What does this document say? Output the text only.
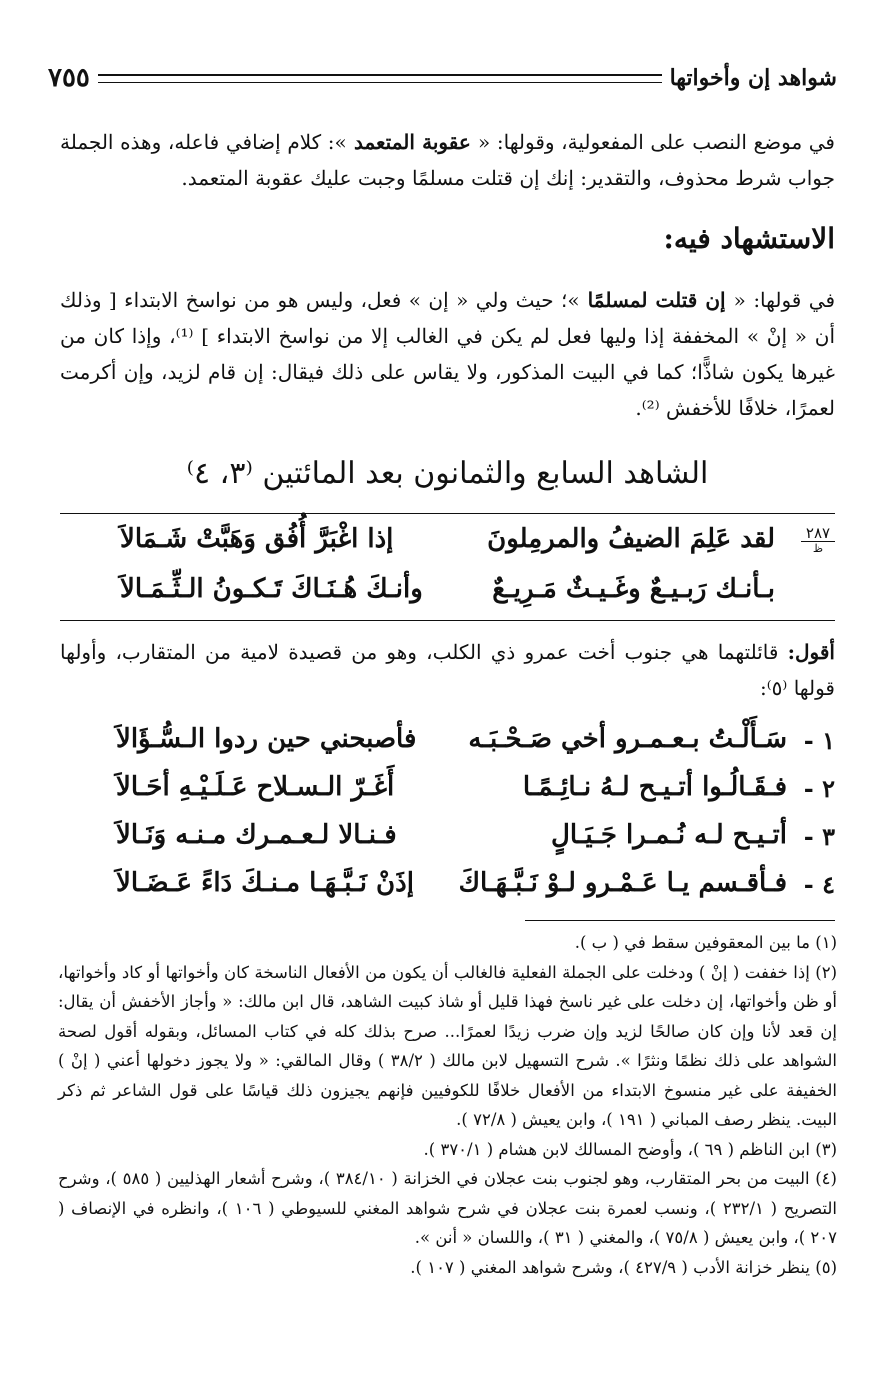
شواهد إن وأخواتها
٧٥٥
في موضع النصب على المفعولية، وقولها: « عقوبة المتعمد »: كلام إضافي فاعله، وهذه الجملة جواب شرط محذوف، والتقدير: إنك إن قتلت مسلمًا وجبت عليك عقوبة المتعمد.
الاستشهاد فيه:
في قولها: « إن قتلت لمسلمًا »؛ حيث ولي « إن » فعل، وليس هو من نواسخ الابتداء [ وذلك أن « إنْ » المخففة إذا وليها فعل لم يكن في الغالب إلا من نواسخ الابتداء ] ⁽¹⁾، وإذا كان من غيرها يكون شاذًّا؛ كما في البيت المذكور، ولا يقاس على ذلك فيقال: إن قام لزيد، وإن أكرمت لعمرًا، خلافًا للأخفش ⁽²⁾.
الشاهد السابع والثمانون بعد المائتين ⁽٣، ٤⁾
٢٨٧
ظ
لقد عَلِمَ الضيفُ والمرمِلونَ
إذا اغْبَرَّ أُفُق وَهَبَّتْ شَـمَالاَ
بـأنـك رَبـيـعٌ وغَـيـثٌ مَـرِيـعٌ
وأنـكَ هُـنَـاكَ تَـكـونُ الـثِّـمَـالاَ
أقول: قائلتهما هي جنوب أخت عمرو ذي الكلب، وهو من قصيدة لامية من المتقارب، وأولها قولها ⁽٥⁾:
١ -
سَـأَلْـتُ بـعـمـرو أخي صَـحْـبَـه
فأصبحني حين ردوا الـسُّـؤَالاَ
٢ -
فـقَـالُـوا أتـيـح لـهُ نـائِـمًـا
أَغَـرّ الـسـلاح عَـلَـيْـهِ أحَـالاَ
٣ -
أتـيـح لـه نُـمـرا جَـيَـالٍ
فـنـالا لـعـمـرك مـنـه وَنَـالاَ
٤ -
فـأقـسم يـا عَـمْـرو لـوْ نَـبَّـهَـاكَ
إذَنْ نَـبَّـهَـا مـنـكَ دَاءً عَـضَـالاَ

(١) ما بين المعقوفين سقط في ( ب ).

(٢) إذا خففت ( إنْ ) ودخلت على الجملة الفعلية فالغالب أن يكون من الأفعال الناسخة كان وأخواتها أو كاد وأخواتها، أو ظن وأخواتها، إن دخلت على غير ناسخ فهذا قليل أو شاذ كبيت الشاهد، قال ابن مالك: « وأجاز الأخفش أن يقال: إن قعد لأنا وإن كان صالحًا لزيد وإن ضرب زيدًا لعمرًا... صرح بذلك كله في كتاب المسائل، وبقوله أقول لصحة الشواهد على ذلك نظمًا ونثرًا ». شرح التسهيل لابن مالك ( ٣٨/٢ ) وقال المالقي: « ولا يجوز دخولها أعني ( إنْ ) الخفيفة على غير منسوخ الابتداء من الأفعال خلافًا للكوفيين فإنهم يجيزون ذلك قياسًا على قول الشاعر ثم ذكر البيت. ينظر رصف المباني ( ١٩١ )، وابن يعيش ( ٧٢/٨ ).

(٣) ابن الناظم ( ٦٩ )، وأوضح المسالك لابن هشام ( ٣٧٠/١ ).

(٤) البيت من بحر المتقارب، وهو لجنوب بنت عجلان في الخزانة ( ٣٨٤/١٠ )، وشرح أشعار الهذليين ( ٥٨٥ )، وشرح التصريح ( ٢٣٢/١ )، ونسب لعمرة بنت عجلان في شرح شواهد المغني للسيوطي ( ١٠٦ )، وانظره في الإنصاف ( ٢٠٧ )، وابن يعيش ( ٧٥/٨ )، والمغني ( ٣١ )، واللسان « أنن ».

(٥) ينظر خزانة الأدب ( ٤٢٧/٩ )، وشرح شواهد المغني ( ١٠٧ ).
